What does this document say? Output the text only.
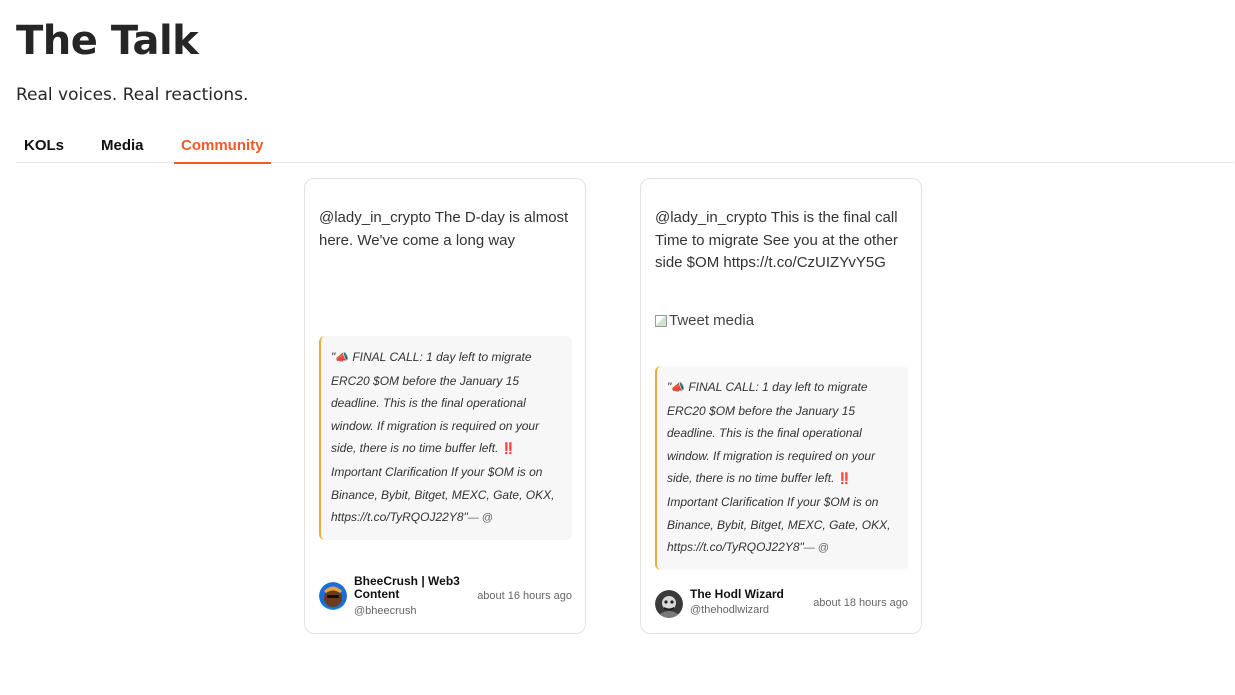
The Talk
Real voices. Real reactions.
KOLs Media	Community
@lady_in_crypto The D-day is almost here. We've come a long way
"📣 FINAL CALL: 1 day left to migrate ERC20 $OM before the January 15 deadline. This is the final operational window. If migration is required on your side, there is no time buffer left. ‼️ Important Clarification If your $OM is on Binance, Bybit, Bitget, MEXC, Gate, OKX, https://t.co/TyRQOJ22Y8"— @
BheeCrush | Web3 Content
@bheecrush
about 16 hours ago
@lady_in_crypto This is the final call Time to migrate See you at the other side $OM https://t.co/CzUIZYvY5G
Tweet media
"📣 FINAL CALL: 1 day left to migrate ERC20 $OM before the January 15 deadline. This is the final operational window. If migration is required on your side, there is no time buffer left. ‼️ Important Clarification If your $OM is on Binance, Bybit, Bitget, MEXC, Gate, OKX, https://t.co/TyRQOJ22Y8"— @
The Hodl Wizard
@thehodlwizard
about 18 hours ago
